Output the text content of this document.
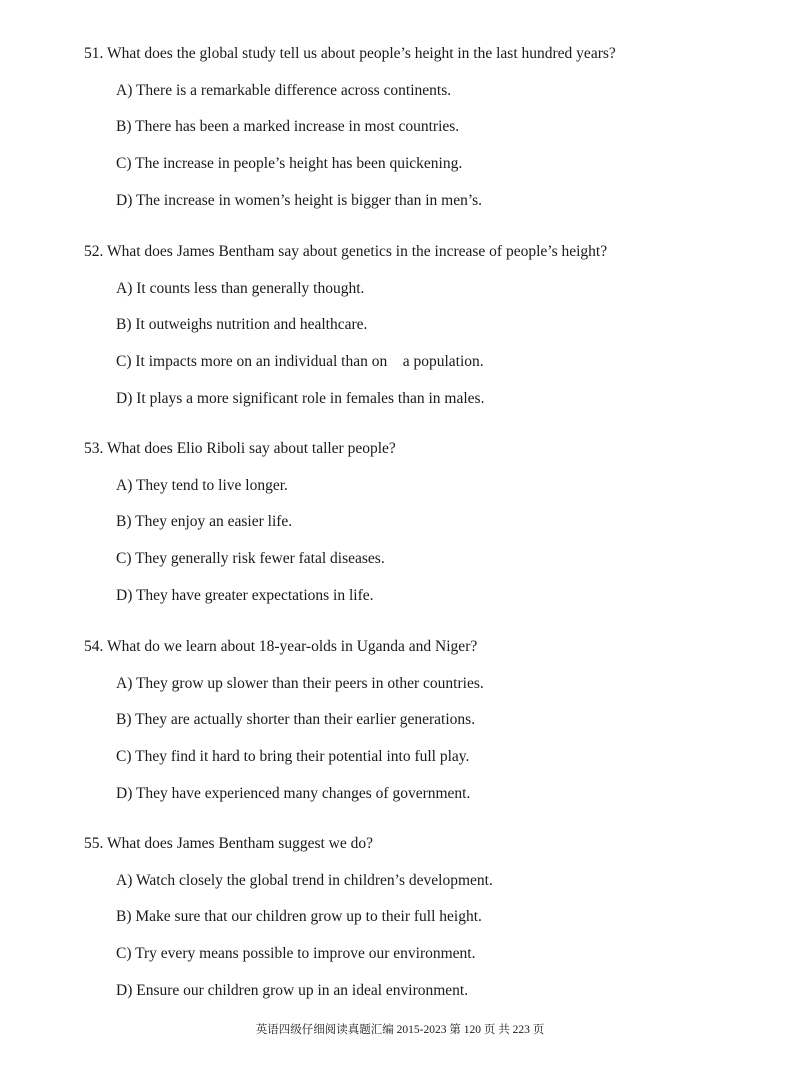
51. What does the global study tell us about people’s height in the last hundred years?

A) There is a remarkable difference across continents.

B) There has been a marked increase in most countries.

C) The increase in people’s height has been quickening.

D) The increase in women’s height is bigger than in men’s.

52. What does James Bentham say about genetics in the increase of people’s height?

A) It counts less than generally thought.

B) It outweighs nutrition and healthcare.

C) It impacts more on an individual than on    a population.

D) It plays a more significant role in females than in males.

53. What does Elio Riboli say about taller people?

A) They tend to live longer.

B) They enjoy an easier life.

C) They generally risk fewer fatal diseases.

D) They have greater expectations in life.

54. What do we learn about 18-year-olds in Uganda and Niger?

A) They grow up slower than their peers in other countries.

B) They are actually shorter than their earlier generations.

C) They find it hard to bring their potential into full play.

D) They have experienced many changes of government.

55. What does James Bentham suggest we do?

A) Watch closely the global trend in children’s development.

B) Make sure that our children grow up to their full height.

C) Try every means possible to improve our environment.

D) Ensure our children grow up in an ideal environment.

英语四级仔细阅读真题汇编 2015-2023 第 120 页 共 223 页
